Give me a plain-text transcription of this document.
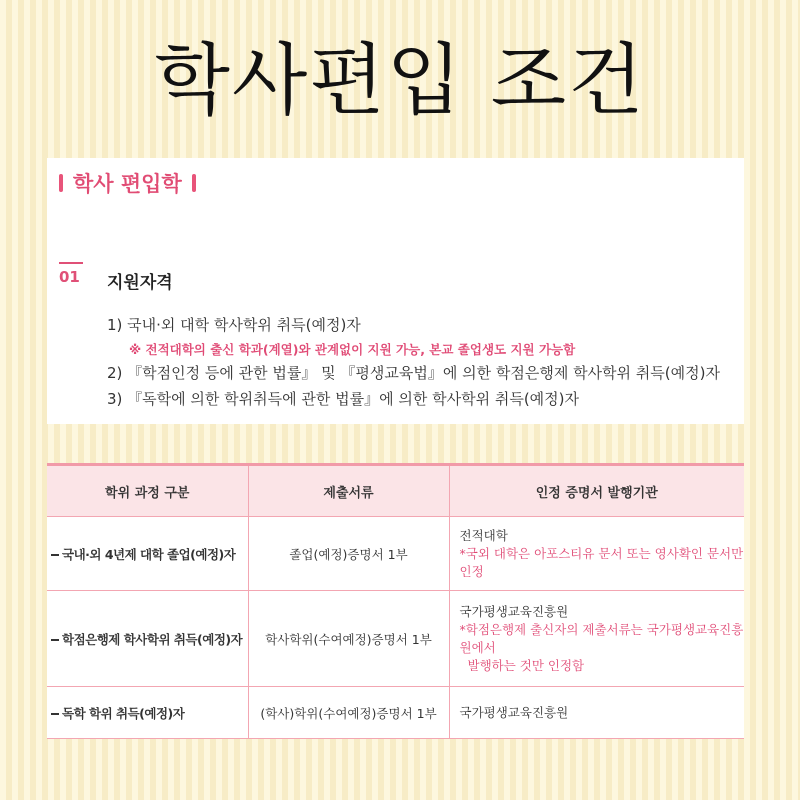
학사편입 조건
학사 편입학
01 지원자격
1) 국내·외 대학 학사학위 취득(예정)자
※ 전적대학의 출신 학과(계열)와 관계없이 지원 가능, 본교 졸업생도 지원 가능함
2) 『학점인정 등에 관한 법률』 및 『평생교육법』에 의한 학점은행제 학사학위 취득(예정)자
3) 『독학에 의한 학위취득에 관한 법률』에 의한 학사학위 취득(예정)자
학위 과정 구분	제출서류	인정 증명서 발행기관
국내·외 4년제 대학 졸업(예정)자	졸업(예정)증명서 1부	전적대학
*국외 대학은 아포스티유 문서 또는 영사확인 문서만 인정

학점은행제 학사학위 취득(예정)자	학사학위(수여예정)증명서 1부	국가평생교육진흥원
*학점은행제 출신자의 제출서류는 국가평생교육진흥원에서
발행하는 것만 인정함

독학 학위 취득(예정)자	(학사)학위(수여예정)증명서 1부	국가평생교육진흥원
